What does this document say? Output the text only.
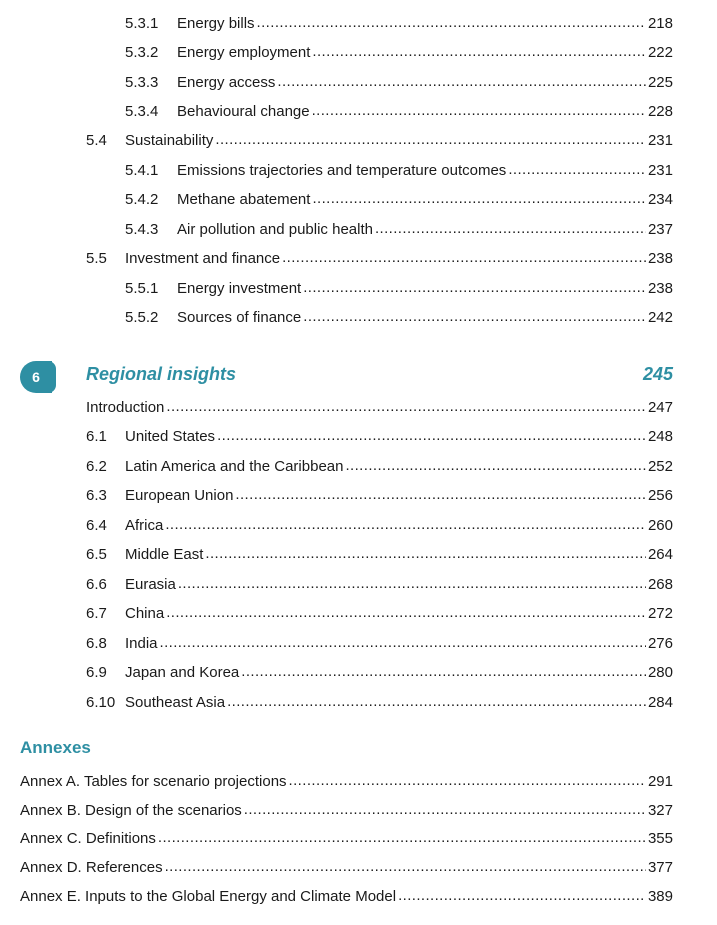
5.3.1	Energy bills .....	218
5.3.2	Energy employment .....	222
5.3.3	Energy access .....	225
5.3.4	Behavioural change .....	228
5.4	Sustainability .....	231
5.4.1	Emissions trajectories and temperature outcomes .....	231
5.4.2	Methane abatement .....	234
5.4.3	Air pollution and public health .....	237
5.5	Investment and finance .....	238
5.5.1	Energy investment .....	238
5.5.2	Sources of finance .....	242
6	Regional insights	245
Introduction .....	247
6.1	United States .....	248
6.2	Latin America and the Caribbean .....	252
6.3	European Union .....	256
6.4	Africa .....	260
6.5	Middle East .....	264
6.6	Eurasia .....	268
6.7	China .....	272
6.8	India .....	276
6.9	Japan and Korea .....	280
6.10 Southeast Asia .....	284
Annexes
Annex A. Tables for scenario projections .....	291
Annex B. Design of the scenarios .....	327
Annex C. Definitions .....	355
Annex D. References .....	377
Annex E. Inputs to the Global Energy and Climate Model .....	389
